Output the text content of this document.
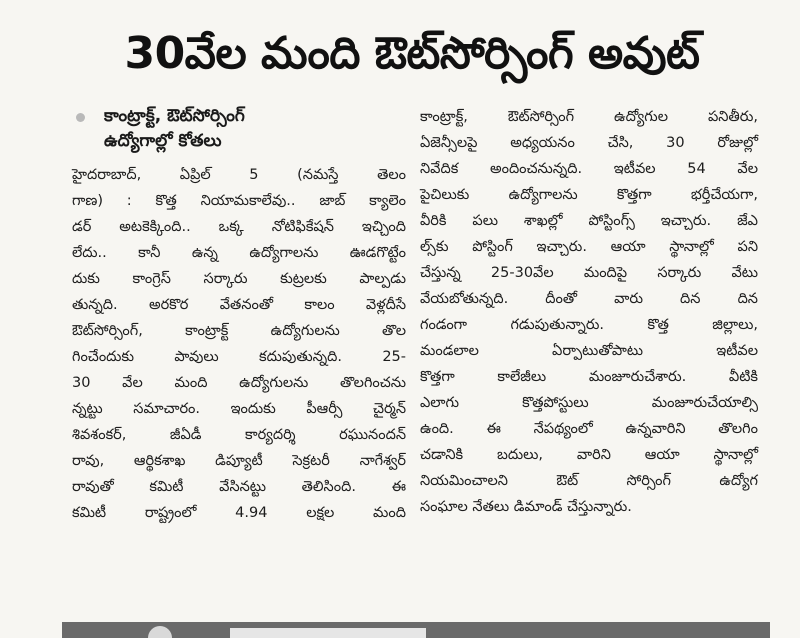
30వేల మంది ఔట్‌సోర్సింగ్ అవుట్
కాంట్రాక్ట్, ఔట్‌సోర్సింగ్
ఉద్యోగాల్లో కోతలు
హైదరాబాద్, ఏప్రిల్ 5 (నమస్తే తెలం
గాణ) : కొత్త నియామకాలేవు.. జాబ్ క్యాలెం
డర్ అటకెక్కింది.. ఒక్క నోటిఫికేషన్ ఇచ్చింది
లేదు.. కానీ ఉన్న ఉద్యోగాలను ఊడగొట్టేం
దుకు కాంగ్రెస్ సర్కారు కుట్రలకు పాల్పడు
తున్నది. అరకొర వేతనంతో కాలం వెళ్లదీసే
ఔట్‌సోర్సింగ్, కాంట్రాక్ట్ ఉద్యోగులను తొల
గించేందుకు పావులు కదుపుతున్నది. 25-
30 వేల మంది ఉద్యోగులను తొలగించను
న్నట్టు సమాచారం. ఇందుకు పీఆర్సీ చైర్మన్
శివశంకర్, జీఏడీ కార్యదర్శి రఘునందన్
రావు, ఆర్థికశాఖ డిప్యూటీ సెక్రటరీ నాగేశ్వర్
రావుతో కమిటీ వేసినట్టు తెలిసింది. ఈ
కమిటీ రాష్ట్రంలో 4.94 లక్షల మంది
కాంట్రాక్ట్, ఔట్‌సోర్సింగ్ ఉద్యోగుల పనితీరు,
ఏజెన్సీలపై అధ్యయనం చేసి, 30 రోజుల్లో
నివేదిక అందించనున్నది. ఇటీవల 54 వేల
పైచిలుకు ఉద్యోగాలను కొత్తగా భర్తీచేయగా,
వీరికి పలు శాఖల్లో పోస్టింగ్స్ ఇచ్చారు. జేఎ
ల్స్‌కు పోస్టింగ్ ఇచ్చారు. ఆయా స్థానాల్లో పని
చేస్తున్న 25-30వేల మందిపై సర్కారు వేటు
వేయబోతున్నది. దీంతో వారు దిన దిన
గండంగా గడుపుతున్నారు. కొత్త జిల్లాలు,
మండలాల ఏర్పాటుతోపాటు ఇటీవల
కొత్తగా కాలేజీలు మంజూరుచేశారు. వీటికి
ఎలాగు కొత్తపోస్టులు మంజూరుచేయాల్సి
ఉంది. ఈ నేపథ్యంలో ఉన్నవారిని తొలగిం
చడానికి బదులు, వారిని ఆయా స్థానాల్లో
నియమించాలని ఔట్ సోర్సింగ్ ఉద్యోగ
సంఘాల నేతలు డిమాండ్ చేస్తున్నారు.
